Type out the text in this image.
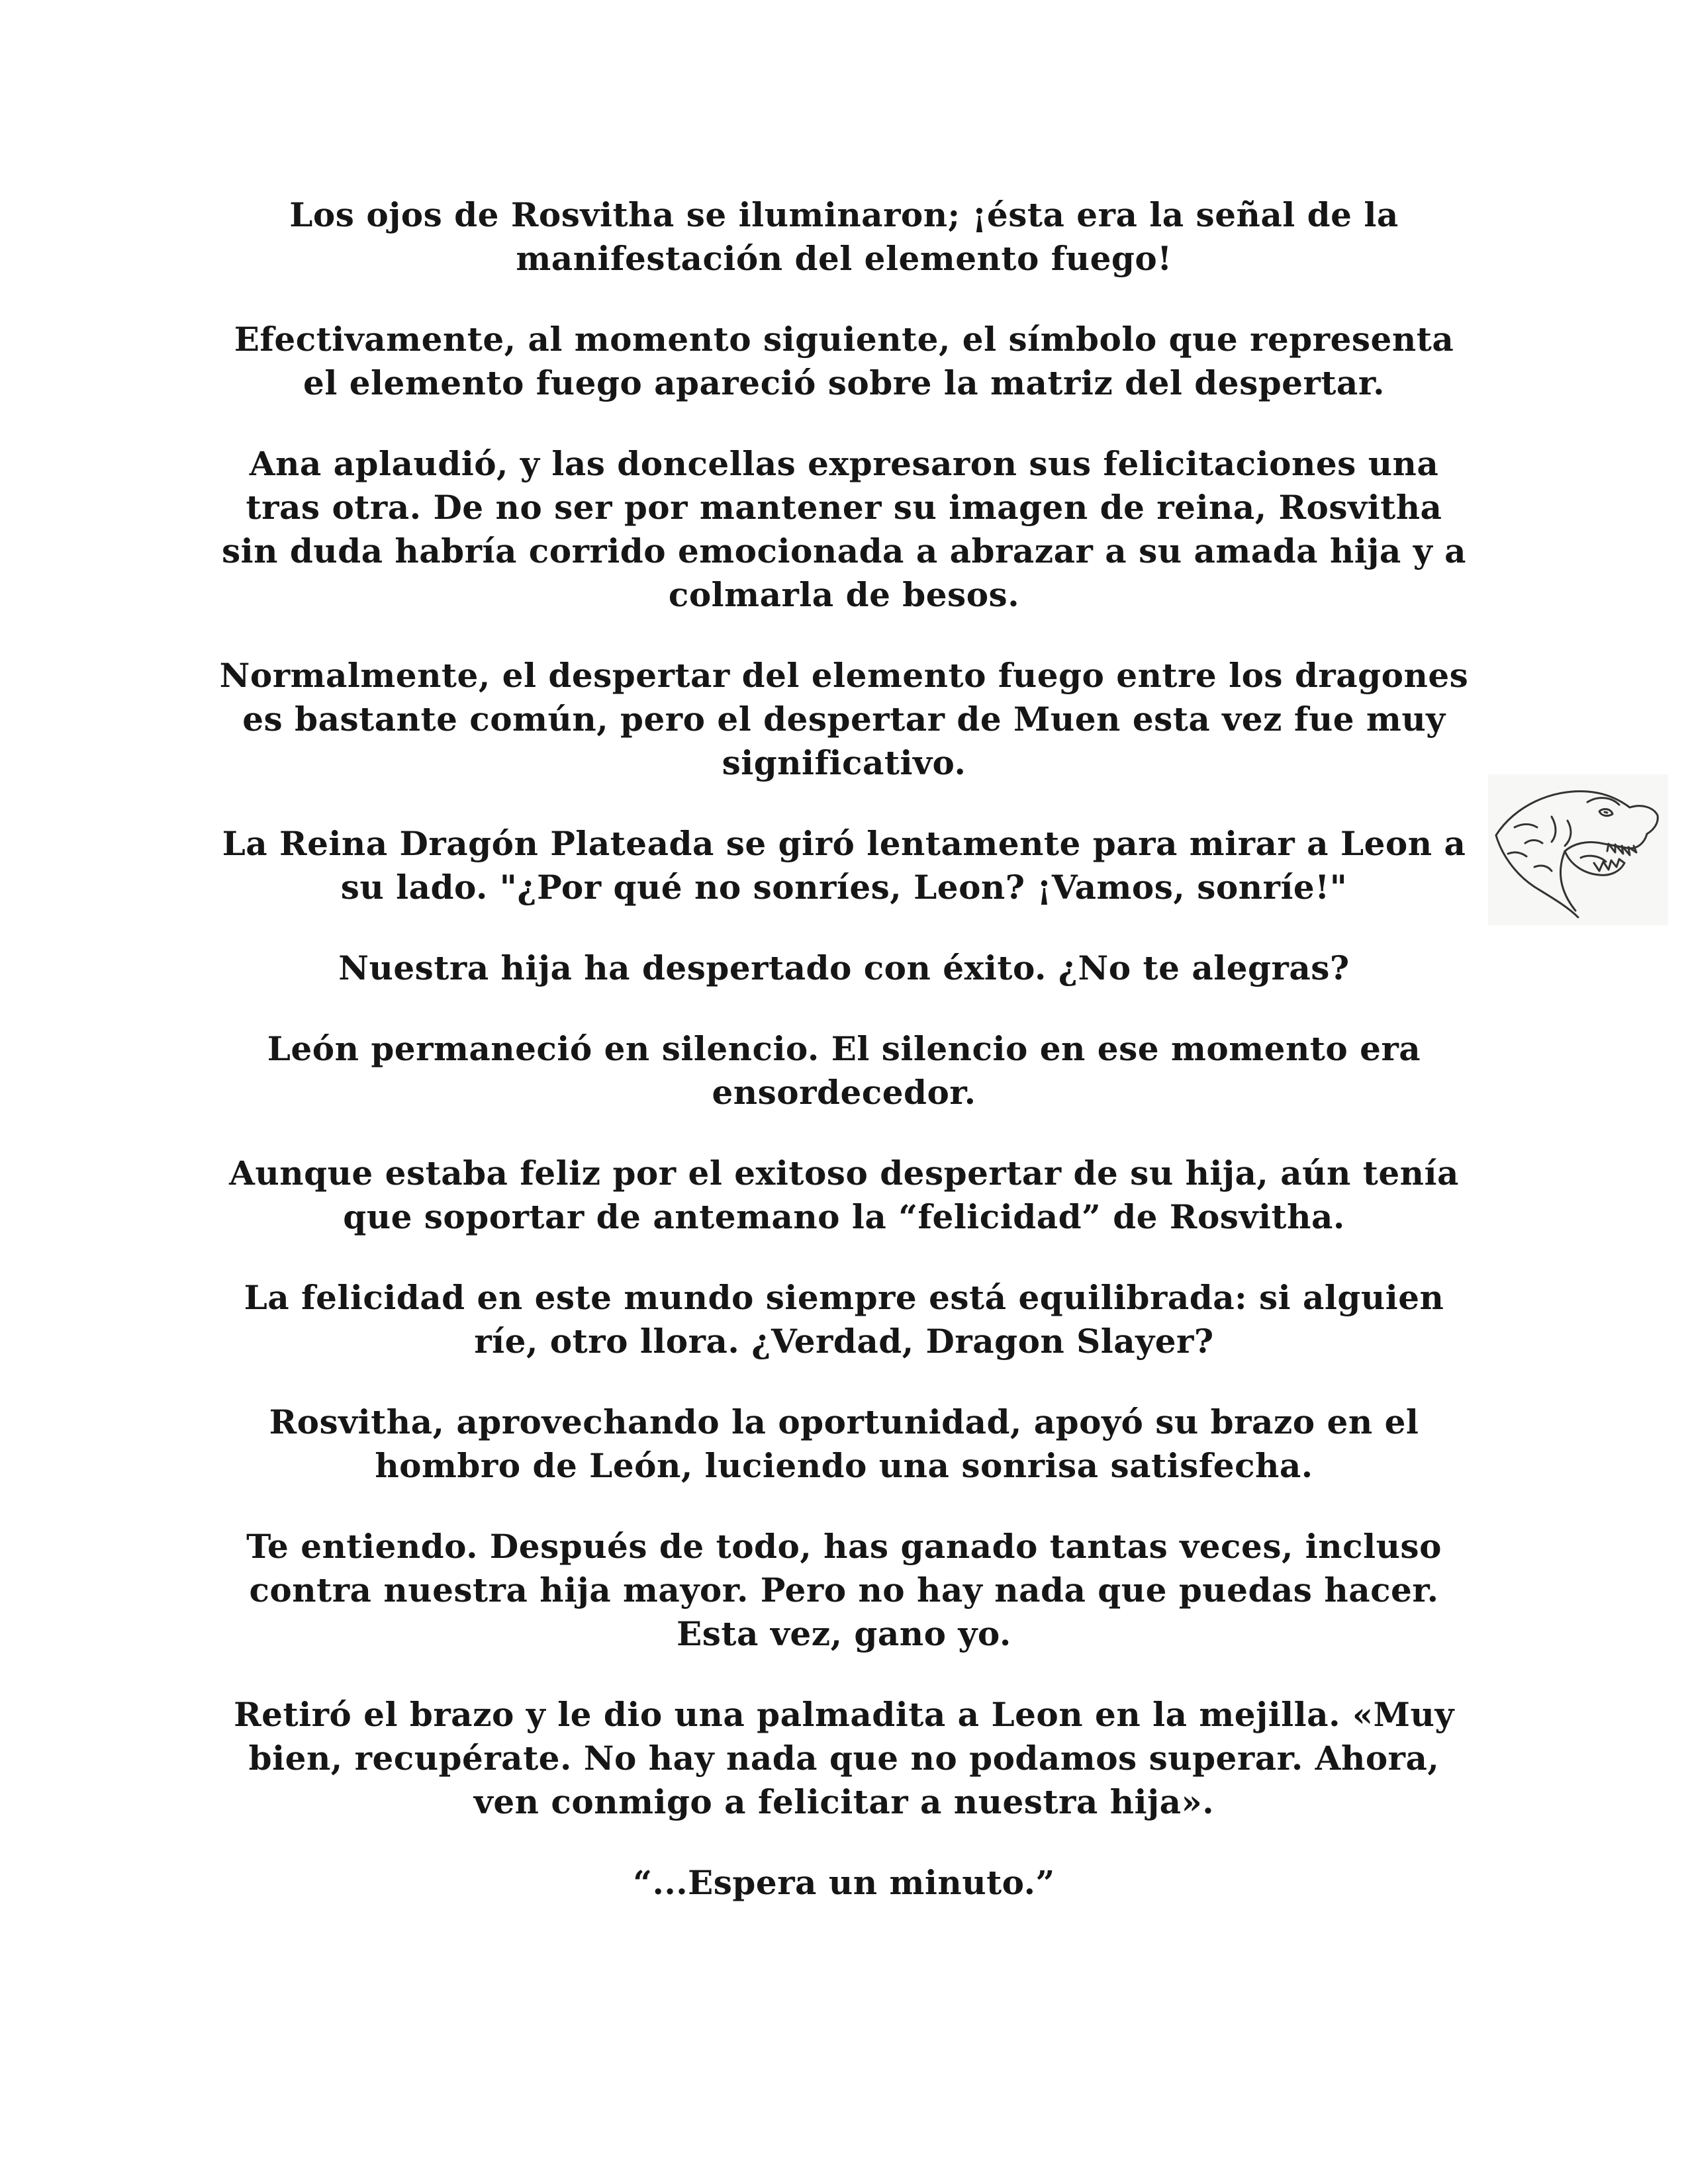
Los ojos de Rosvitha se iluminaron; ¡ésta era la señal de la manifestación del elemento fuego!

Efectivamente, al momento siguiente, el símbolo que representa el elemento fuego apareció sobre la matriz del despertar.

Ana aplaudió, y las doncellas expresaron sus felicitaciones una tras otra. De no ser por mantener su imagen de reina, Rosvitha sin duda habría corrido emocionada a abrazar a su amada hija y a colmarla de besos.

Normalmente, el despertar del elemento fuego entre los dragones es bastante común, pero el despertar de Muen esta vez fue muy significativo.

La Reina Dragón Plateada se giró lentamente para mirar a Leon a su lado. "¿Por qué no sonríes, Leon? ¡Vamos, sonríe!"

Nuestra hija ha despertado con éxito. ¿No te alegras?

León permaneció en silencio. El silencio en ese momento era ensordecedor.

Aunque estaba feliz por el exitoso despertar de su hija, aún tenía que soportar de antemano la “felicidad” de Rosvitha.

La felicidad en este mundo siempre está equilibrada: si alguien ríe, otro llora. ¿Verdad, Dragon Slayer?

Rosvitha, aprovechando la oportunidad, apoyó su brazo en el hombro de León, luciendo una sonrisa satisfecha.

Te entiendo. Después de todo, has ganado tantas veces, incluso contra nuestra hija mayor. Pero no hay nada que puedas hacer. Esta vez, gano yo.

Retiró el brazo y le dio una palmadita a Leon en la mejilla. «Muy bien, recupérate. No hay nada que no podamos superar. Ahora, ven conmigo a felicitar a nuestra hija».

“...Espera un minuto.”
